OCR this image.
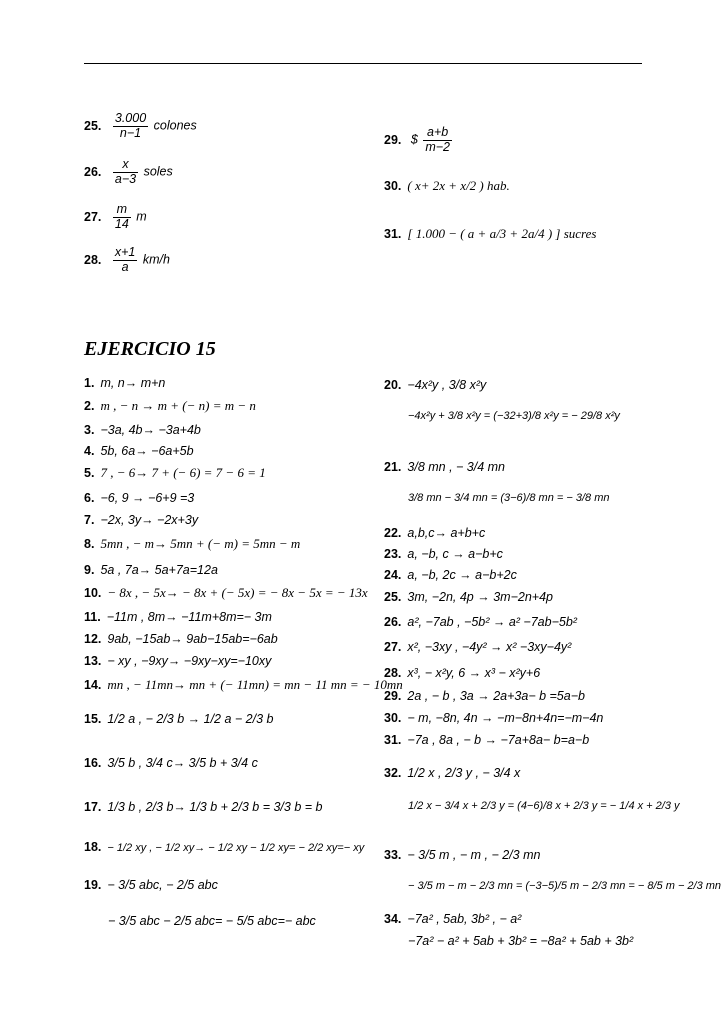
25. $\frac{3.000}{n-1}$ colones
26. $\frac{x}{a-3}$ soles
27. $\frac{m}{14}$ m
28. $\frac{x+1}{a} km/h$
29. $ $\frac{a+b}{m-2}$
30. ( x+ 2x + x/2 ) hab.
31. [ 1.000 − ( a + a/3 + 2a/4 ) ] sucres
EJERCICIO 15
1. m, n→ m+n
2. m , − n → m + (− n) = m − n
3. −3a, 4b→ −3a+4b
4. 5b, 6a→ −6a+5b
5. 7 , − 6→ 7 + (− 6) = 7 − 6 = 1
6. −6, 9 → −6+9 =3
7. −2x, 3y→ −2x+3y
8. 5mn , − m→ 5mn + (− m) = 5mn − m
9. 5a , 7a→ 5a+7a=12a
10. − 8x , − 5x→ − 8x + (− 5x) = − 8x − 5x = − 13x
11. −11m , 8m→ −11m+8m=− 3m
12. 9ab, −15ab→ 9ab−15ab=−6ab
13. − xy , −9xy→ −9xy−xy=−10xy
14. mn , − 11mn→ mn + (− 11mn) = mn − 11 mn = − 10mn
15. 1/2 a , − 2/3 b → 1/2 a − 2/3 b
16. 3/5 b , 3/4 c→ 3/5 b + 3/4 c
17. 1/3 b , 2/3 b→ 1/3 b + 2/3 b = 3/3 b = b
18. − 1/2 xy , − 1/2 xy→ − 1/2 xy − 1/2 xy= − 2/2 xy=− xy
19. − 3/5 abc, − 2/5 abc
− 3/5 abc − 2/5 abc= − 5/5 abc=− abc
20. −4x²y , 3/8 x²y
−4x²y + 3/8 x²y = (−32+3)/8 x²y = − 29/8 x²y
21. 3/8 mn , − 3/4 mn
3/8 mn − 3/4 mn = (3−6)/8 mn = − 3/8 mn
22. a,b,c→ a+b+c
23. a, −b, c → a−b+c
24. a, −b, 2c → a−b+2c
25. 3m, −2n, 4p → 3m−2n+4p
26. a², −7ab , −5b² → a² −7ab−5b²
27. x², −3xy , −4y² → x² −3xy−4y²
28. x³, − x²y, 6 → x³ − x²y+6
29. 2a , − b , 3a → 2a+3a− b =5a−b
30. − m, −8n, 4n → −m−8n+4n=−m−4n
31. −7a , 8a , − b → −7a+8a− b=a−b
32. 1/2 x , 2/3 y , − 3/4 x
1/2 x − 3/4 x + 2/3 y = (4−6)/8 x + 2/3 y = − 1/4 x + 2/3 y
33. − 3/5 m , − m , − 2/3 mn
− 3/5 m − m − 2/3 mn = (−3−5)/5 m − 2/3 mn = − 8/5 m − 2/3 mn
34. −7a² , 5ab, 3b² , − a²
−7a² − a² + 5ab + 3b² = −8a² + 5ab + 3b²
